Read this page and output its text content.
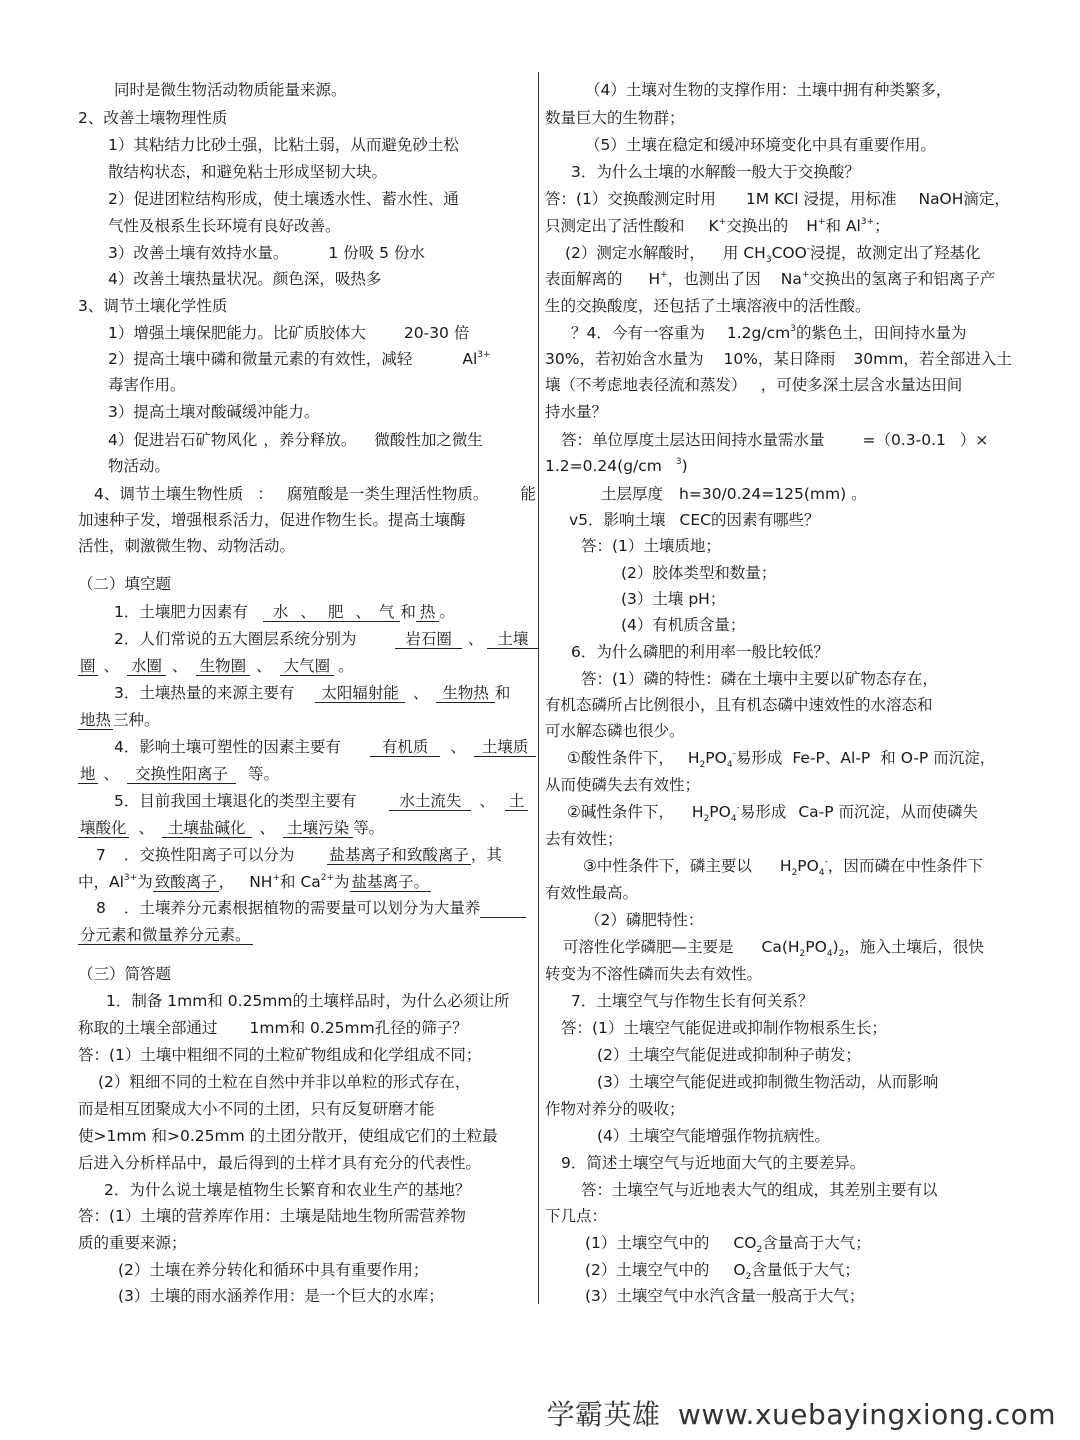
同时是微生物活动物质能量来源。
2、改善土壤物理性质
1）其粘结力比砂土强，比粘土弱，从而避免砂土松
散结构状态，和避免粘土形成坚韧大块。
2）促进团粒结构形成，使土壤透水性、蓄水性、通
气性及根系生长环境有良好改善。
3）改善土壤有效持水量。	1 份吸 5 份水
4）改善土壤热量状况。颜色深，吸热多
3、调节土壤化学性质
1）增强土壤保肥能力。比矿质胶体大 20-30 倍
2）提高土壤中磷和微量元素的有效性，减轻	$Al^{3+}$
毒害作用。
3）提高土壤对酸碱缓冲能力。
4）促进岩石矿物风化 ，养分释放。 微酸性加之微生
物活动。
4、调节土壤生物性质 ： 腐殖酸是一类生理活性物质。 能
加速种子发，增强根系活力，促进作物生长。提高土壤酶
活性，刺激微生物、动物活动。
（二）填空题
1．土壤肥力因素有 水 、 肥 、 气 和 热 。
2．人们常说的五大圈层系统分别为	岩石圈 、 土壤
圈 、 水圈 、 生物圈 、 大气圈 。
3．土壤热量的来源主要有 太阳辐射能 、 生物热 和
地热 三种。
4．影响土壤可塑性的因素主要有	有机质 、 土壤质
地 、 交换性阳离子 等。
5．目前我国土壤退化的类型主要有	水土流失 、 土
壤酸化 、 土壤盐碱化 、 土壤污染 等。
7 ．交换性阳离子可以分为 盐基离子和致酸离子 ，其
中，$Al^{3+}$为 致酸离子 ， NH+和 $Ca^{2+}$为 盐基离子。
8 ．土壤养分元素根据植物的需要量可以划分为大量养
分元素和微量养分元素。
（三）简答题
1．制备 1mm和 0.25mm的土壤样品时，为什么必须让所
称取的土壤全部通过 1mm和 0.25mm孔径的筛子？
答：(1）土壤中粗细不同的土粒矿物组成和化学组成不同；
(2）粗细不同的土粒在自然中并非以单粒的形式存在，
而是相互团聚成大小不同的土团，只有反复研磨才能
使>1mm 和>0.25mm 的土团分散开，使组成它们的土粒最
后进入分析样品中，最后得到的土样才具有充分的代表性。
2．为什么说土壤是植物生长繁育和农业生产的基地？
答：(1）土壤的营养库作用：土壤是陆地生物所需营养物
质的重要来源；
(2）土壤在养分转化和循环中具有重要作用；
(3）土壤的雨水涵养作用：是一个巨大的水库；
（4）土壤对生物的支撑作用：土壤中拥有种类繁多，
数量巨大的生物群；
（5）土壤在稳定和缓冲环境变化中具有重要作用。
3．为什么土壤的水解酸一般大于交换酸？
答：(1）交换酸测定时用 1M KCl 浸提，用标准 NaOH滴定，
只测定出了活性酸和 K+交换出的 H+和 $Al^{3+}$；
(2）测定水解酸时， 用 $CH_3COO^-$浸提，故测定出了羟基化
表面解离的 H+，也测出了因 Na+交换出的氢离子和铝离子产
生的交换酸度，还包括了土壤溶液中的活性酸。
？4．今有一容重为 $1.2g/cm^3$的紫色土，田间持水量为
30%，若初始含水量为 10%，某日降雨 30mm，若全部进入土
壤（不考虑地表径流和蒸发） ，可使多深土层含水量达田间
持水量？
答：单位厚度土层达田间持水量需水量 =（0.3-0.1 ）×
1.2=0.24(g/cm $^3$)
土层厚度 h=30/0.24=125(mm) 。
v5．影响土壤 CEC的因素有哪些？
答：(1）土壤质地；
(2）胶体类型和数量；
(3）土壤 pH；
(4）有机质含量；
6．为什么磷肥的利用率一般比较低？
答：(1）磷的特性：磷在土壤中主要以矿物态存在，
有机态磷所占比例很小，且有机态磷中速效性的水溶态和
可水解态磷也很少。
①酸性条件下， $H_2PO_4^-$易形成 Fe-P、Al-P 和 O-P 而沉淀，
从而使磷失去有效性；
②碱性条件下， $H_2PO_4^-$易形成 Ca-P 而沉淀，从而使磷失
去有效性；
③中性条件下，磷主要以 $H_2PO_4^-$，因而磷在中性条件下
有效性最高。
（2）磷肥特性：
可溶性化学磷肥—主要是 $Ca(H_2PO_4)_2$，施入土壤后，很快
转变为不溶性磷而失去有效性。
7．土壤空气与作物生长有何关系？
答：(1）土壤空气能促进或抑制作物根系生长；
(2）土壤空气能促进或抑制种子萌发；
(3）土壤空气能促进或抑制微生物活动，从而影响
作物对养分的吸收；
(4）土壤空气能增强作物抗病性。
9．简述土壤空气与近地面大气的主要差异。
答：土壤空气与近地表大气的组成，其差别主要有以
下几点：
(1）土壤空气中的 $CO_2$含量高于大气；
(2）土壤空气中的 $O_2$含量低于大气；
(3）土壤空气中水汽含量一般高于大气；
学霸英雄 www.xuebayingxiong.com
